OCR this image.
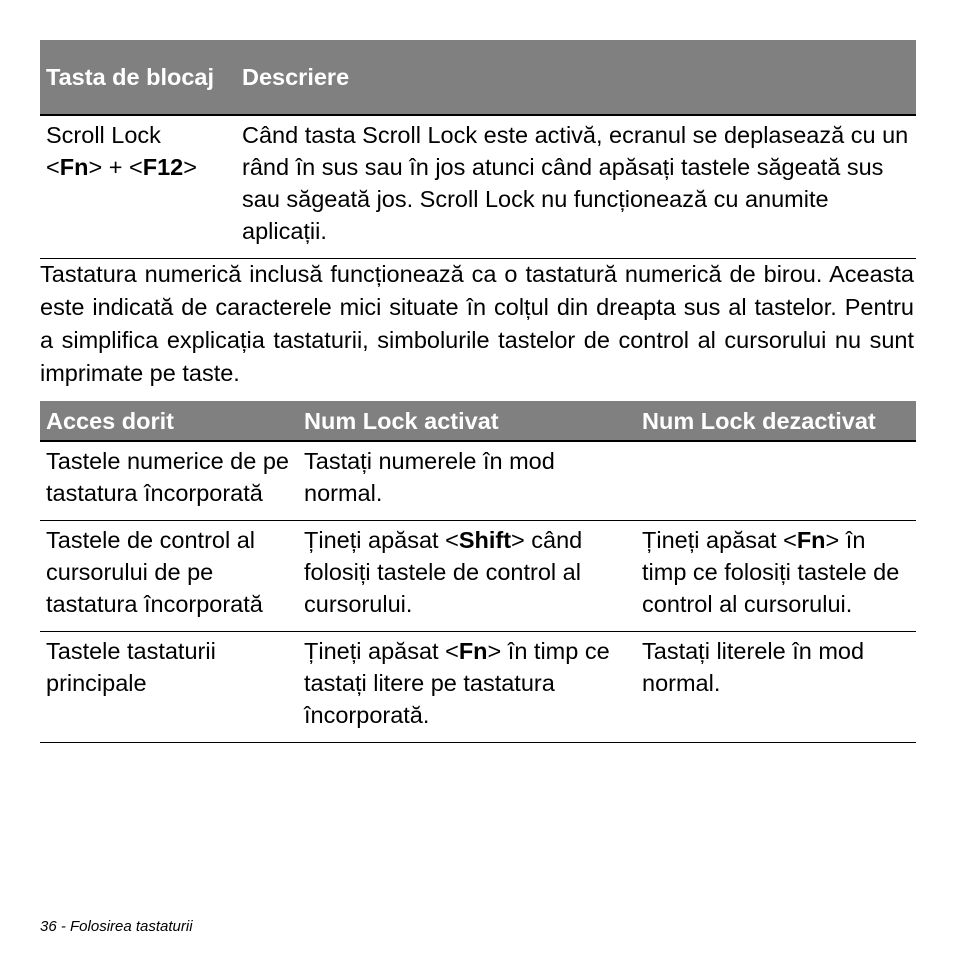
Tasta de blocaj	Descriere
Scroll Lock
<Fn> + <F12>	Când tasta Scroll Lock este activă, ecranul se deplasează cu un rând în sus sau în jos atunci când apăsați tastele săgeată sus sau săgeată jos. Scroll Lock nu funcționează cu anumite aplicații.

Tastatura numerică inclusă funcționează ca o tastatură numerică de birou. Aceasta este indicată de caracterele mici situate în colțul din dreapta sus al tastelor. Pentru a simplifica explicația tastaturii, simbolurile tastelor de control al cursorului nu sunt imprimate pe taste.

Acces dorit	Num Lock activat	Num Lock dezactivat
Tastele numerice de pe tastatura încorporată	Tastați numerele în mod normal.	
Tastele de control al cursorului de pe tastatura încorporată	Țineți apăsat <Shift> când folosiți tastele de control al cursorului.	Țineți apăsat <Fn> în timp ce folosiți tastele de control al cursorului.
Tastele tastaturii principale	Țineți apăsat <Fn> în timp ce tastați litere pe tastatura încorporată.	Tastați literele în mod normal.
36 - Folosirea tastaturii
